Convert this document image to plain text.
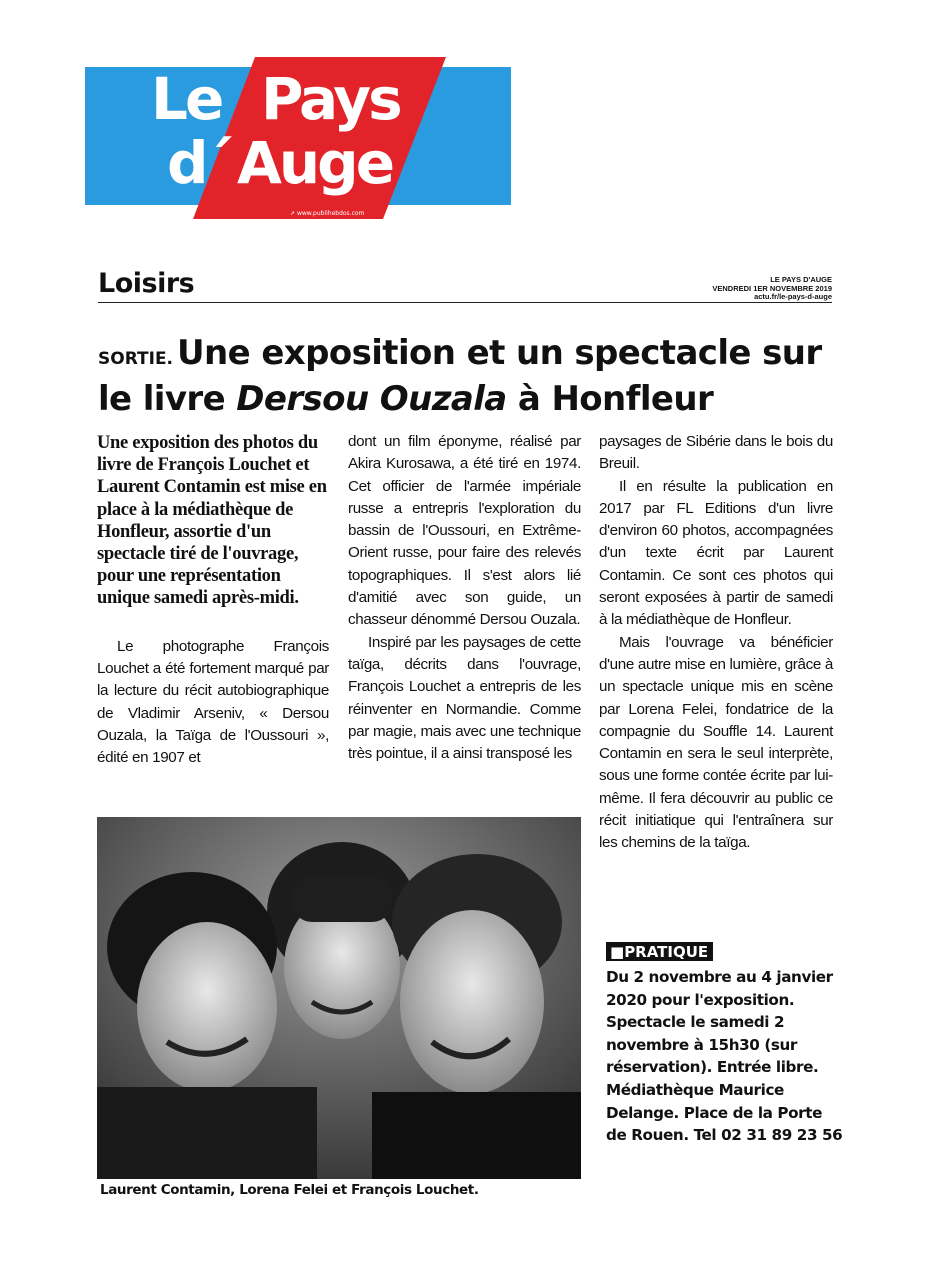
Le Pays
d´ Auge
➚ www.publihebdos.com
Loisirs	LE PAYS D'AUGE
VENDREDI 1ER NOVEMBRE 2019
actu.fr/le-pays-d-auge
SORTIE. Une exposition et un spectacle sur le livre Dersou Ouzala à Honfleur

Une exposition des photos du livre de François Louchet et Laurent Contamin est mise en place à la médiathèque de Honfleur, assortie d'un spectacle tiré de l'ouvrage, pour une représentation unique samedi après-midi.

Le photographe François Louchet a été fortement marqué par la lecture du récit autobiographique de Vladimir Arseniv, « Dersou Ouzala, la Taïga de l'Oussouri », édité en 1907 et

dont un film éponyme, réalisé par Akira Kurosawa, a été tiré en 1974. Cet officier de l'armée impériale russe a entrepris l'exploration du bassin de l'Oussouri, en Extrême-Orient russe, pour faire des relevés topographiques. Il s'est alors lié d'amitié avec son guide, un chasseur dénommé Dersou Ouzala.

Inspiré par les paysages de cette taïga, décrits dans l'ouvrage, François Louchet a entrepris de les réinventer en Normandie. Comme par magie, mais avec une technique très pointue, il a ainsi transposé les

paysages de Sibérie dans le bois du Breuil.

Il en résulte la publication en 2017 par FL Editions d'un livre d'environ 60 photos, accompagnées d'un texte écrit par Laurent Contamin. Ce sont ces photos qui seront exposées à partir de samedi à la médiathèque de Honfleur.

Mais l'ouvrage va bénéficier d'une autre mise en lumière, grâce à un spectacle unique mis en scène par Lorena Felei, fondatrice de la compagnie du Souffle 14. Laurent Contamin en sera le seul interprète, sous une forme contée écrite par lui-même. Il fera découvrir au public ce récit initiatique qui l'entraînera sur les chemins de la taïga.

Laurent Contamin, Lorena Felei et François Louchet.
■PRATIQUE
Du 2 novembre au 4 janvier 2020 pour l'exposition. Spectacle le samedi 2 novembre à 15h30 (sur réservation). Entrée libre. Médiathèque Maurice Delange. Place de la Porte de Rouen. Tel 02 31 89 23 56
